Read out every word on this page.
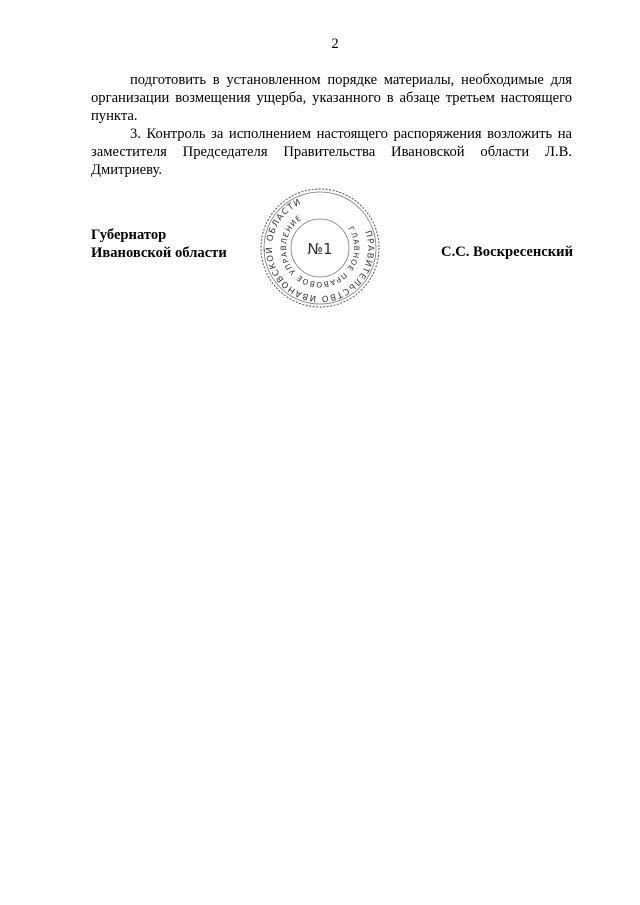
2

подготовить в установленном порядке материалы, необходимые для организации возмещения ущерба, указанного в абзаце третьем настоящего пункта.

3. Контроль за исполнением настоящего распоряжения возложить на заместителя Председателя Правительства Ивановской области Л.В. Дмитриеву.

Губернатор
Ивановской области
ПРАВИТЕЛЬСТВО ИВАНОВСКОЙ ОБЛАСТИ
ГЛАВНОЕ ПРАВОВОЕ УПРАВЛЕНИЕ
№1	С.С. Воскресенский
